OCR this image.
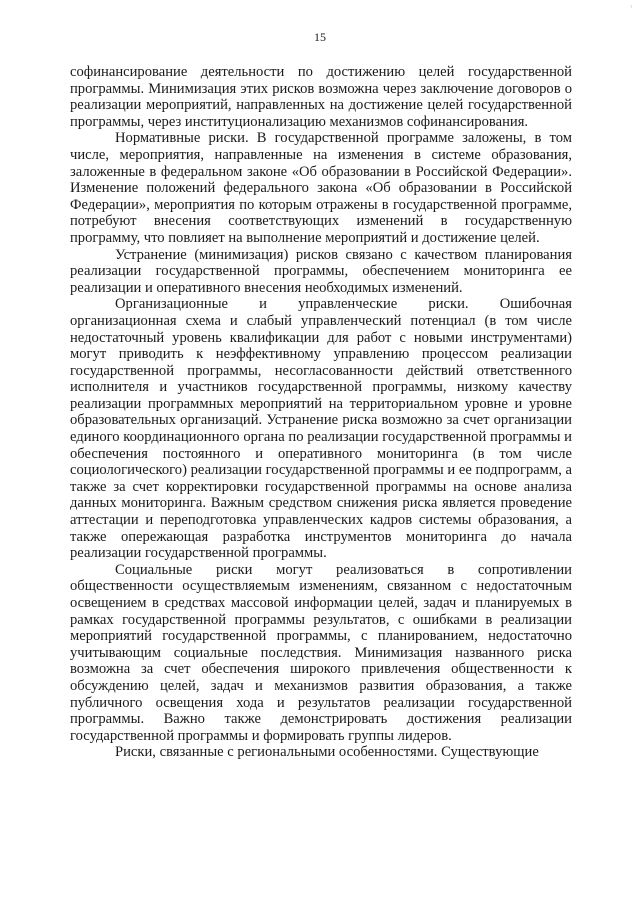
'
15

софинансирование деятельности по достижению целей государственной программы. Минимизация этих рисков возможна через заключение договоров о реализации мероприятий, направленных на достижение целей государственной программы, через институционализацию механизмов софинансирования.

Нормативные риски. В государственной программе заложены, в том числе, мероприятия, направленные на изменения в системе образования, заложенные в федеральном законе «Об образовании в Российской Федерации». Изменение положений федерального закона «Об образовании в Российской Федерации», мероприятия по которым отражены в государственной программе, потребуют внесения соответствующих изменений в государственную программу, что повлияет на выполнение мероприятий и достижение целей.

Устранение (минимизация) рисков связано с качеством планирования реализации государственной программы, обеспечением мониторинга ее реализации и оперативного внесения необходимых изменений.

Организационные и управленческие риски. Ошибочная организационная схема и слабый управленческий потенциал (в том числе недостаточный уровень квалификации для работ с новыми инструментами) могут приводить к неэффективному управлению процессом реализации государственной программы, несогласованности действий ответственного исполнителя и участников государственной программы, низкому качеству реализации программных мероприятий на территориальном уровне и уровне образовательных организаций. Устранение риска возможно за счет организации единого координационного органа по реализации государственной программы и обеспечения постоянного и оперативного мониторинга (в том числе социологического) реализации государственной программы и ее подпрограмм, а также за счет корректировки государственной программы на основе анализа данных мониторинга. Важным средством снижения риска является проведение аттестации и переподготовка управленческих кадров системы образования, а также опережающая разработка инструментов мониторинга до начала реализации государственной программы.

Социальные риски могут реализоваться в сопротивлении общественности осуществляемым изменениям, связанном с недостаточным освещением в средствах массовой информации целей, задач и планируемых в рамках государственной программы результатов, с ошибками в реализации мероприятий государственной программы, с планированием, недостаточно учитывающим социальные последствия. Минимизация названного риска возможна за счет обеспечения широкого привлечения общественности к обсуждению целей, задач и механизмов развития образования, а также публичного освещения хода и результатов реализации государственной программы. Важно также демонстрировать достижения реализации государственной программы и формировать группы лидеров.

Риски, связанные с региональными особенностями. Существующие
